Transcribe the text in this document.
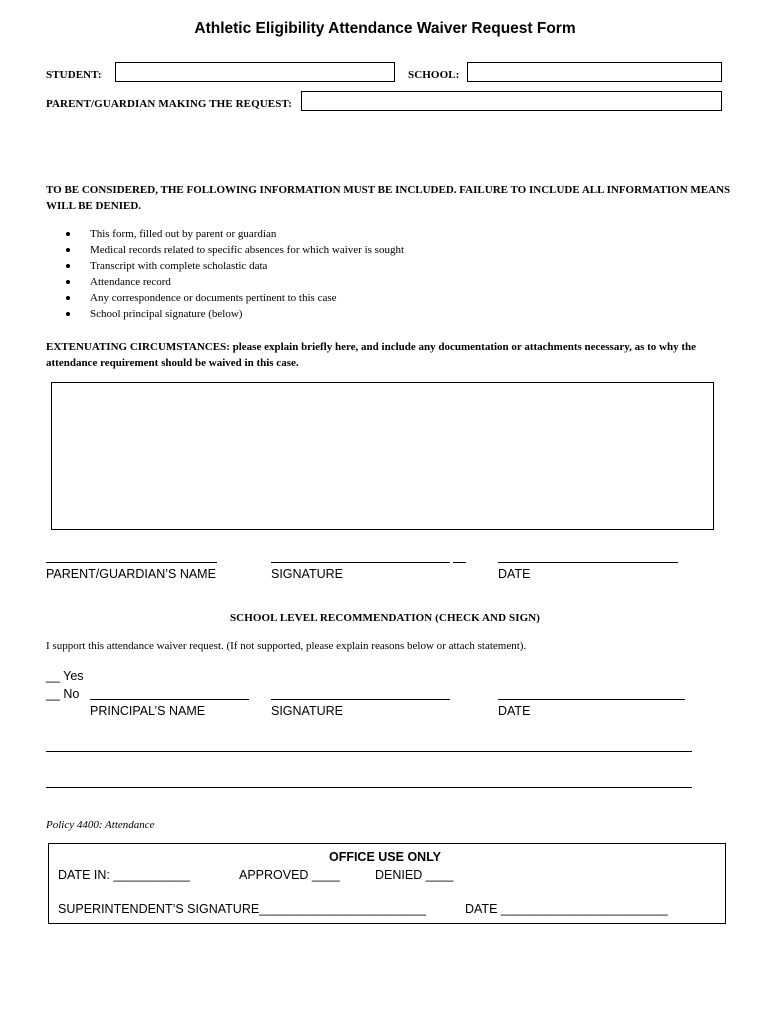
Athletic Eligibility Attendance Waiver Request Form
STUDENT:	SCHOOL:
PARENT/GUARDIAN MAKING THE REQUEST:
TO BE CONSIDERED, THE FOLLOWING INFORMATION MUST BE INCLUDED. FAILURE TO INCLUDE ALL INFORMATION MEANS WILL BE DENIED.
This form, filled out by parent or guardian
Medical records related to specific absences for which waiver is sought
Transcript with complete scholastic data
Attendance record
Any correspondence or documents pertinent to this case
School principal signature (below)
EXTENUATING CIRCUMSTANCES: please explain briefly here, and include any documentation or attachments necessary, as to why the attendance requirement should be waived in this case.
PARENT/GUARDIAN’S NAME	SIGNATURE	DATE
SCHOOL LEVEL RECOMMENDATION (CHECK AND SIGN)
I support this attendance waiver request. (If not supported, please explain reasons below or attach statement).
__ Yes
__ No
PRINCIPAL’S NAME	SIGNATURE	DATE
Policy 4400: Attendance
OFFICE USE ONLY
DATE IN: ___________	APPROVED ____	DENIED ____
SUPERINTENDENT’S SIGNATURE________________________	DATE ________________________
